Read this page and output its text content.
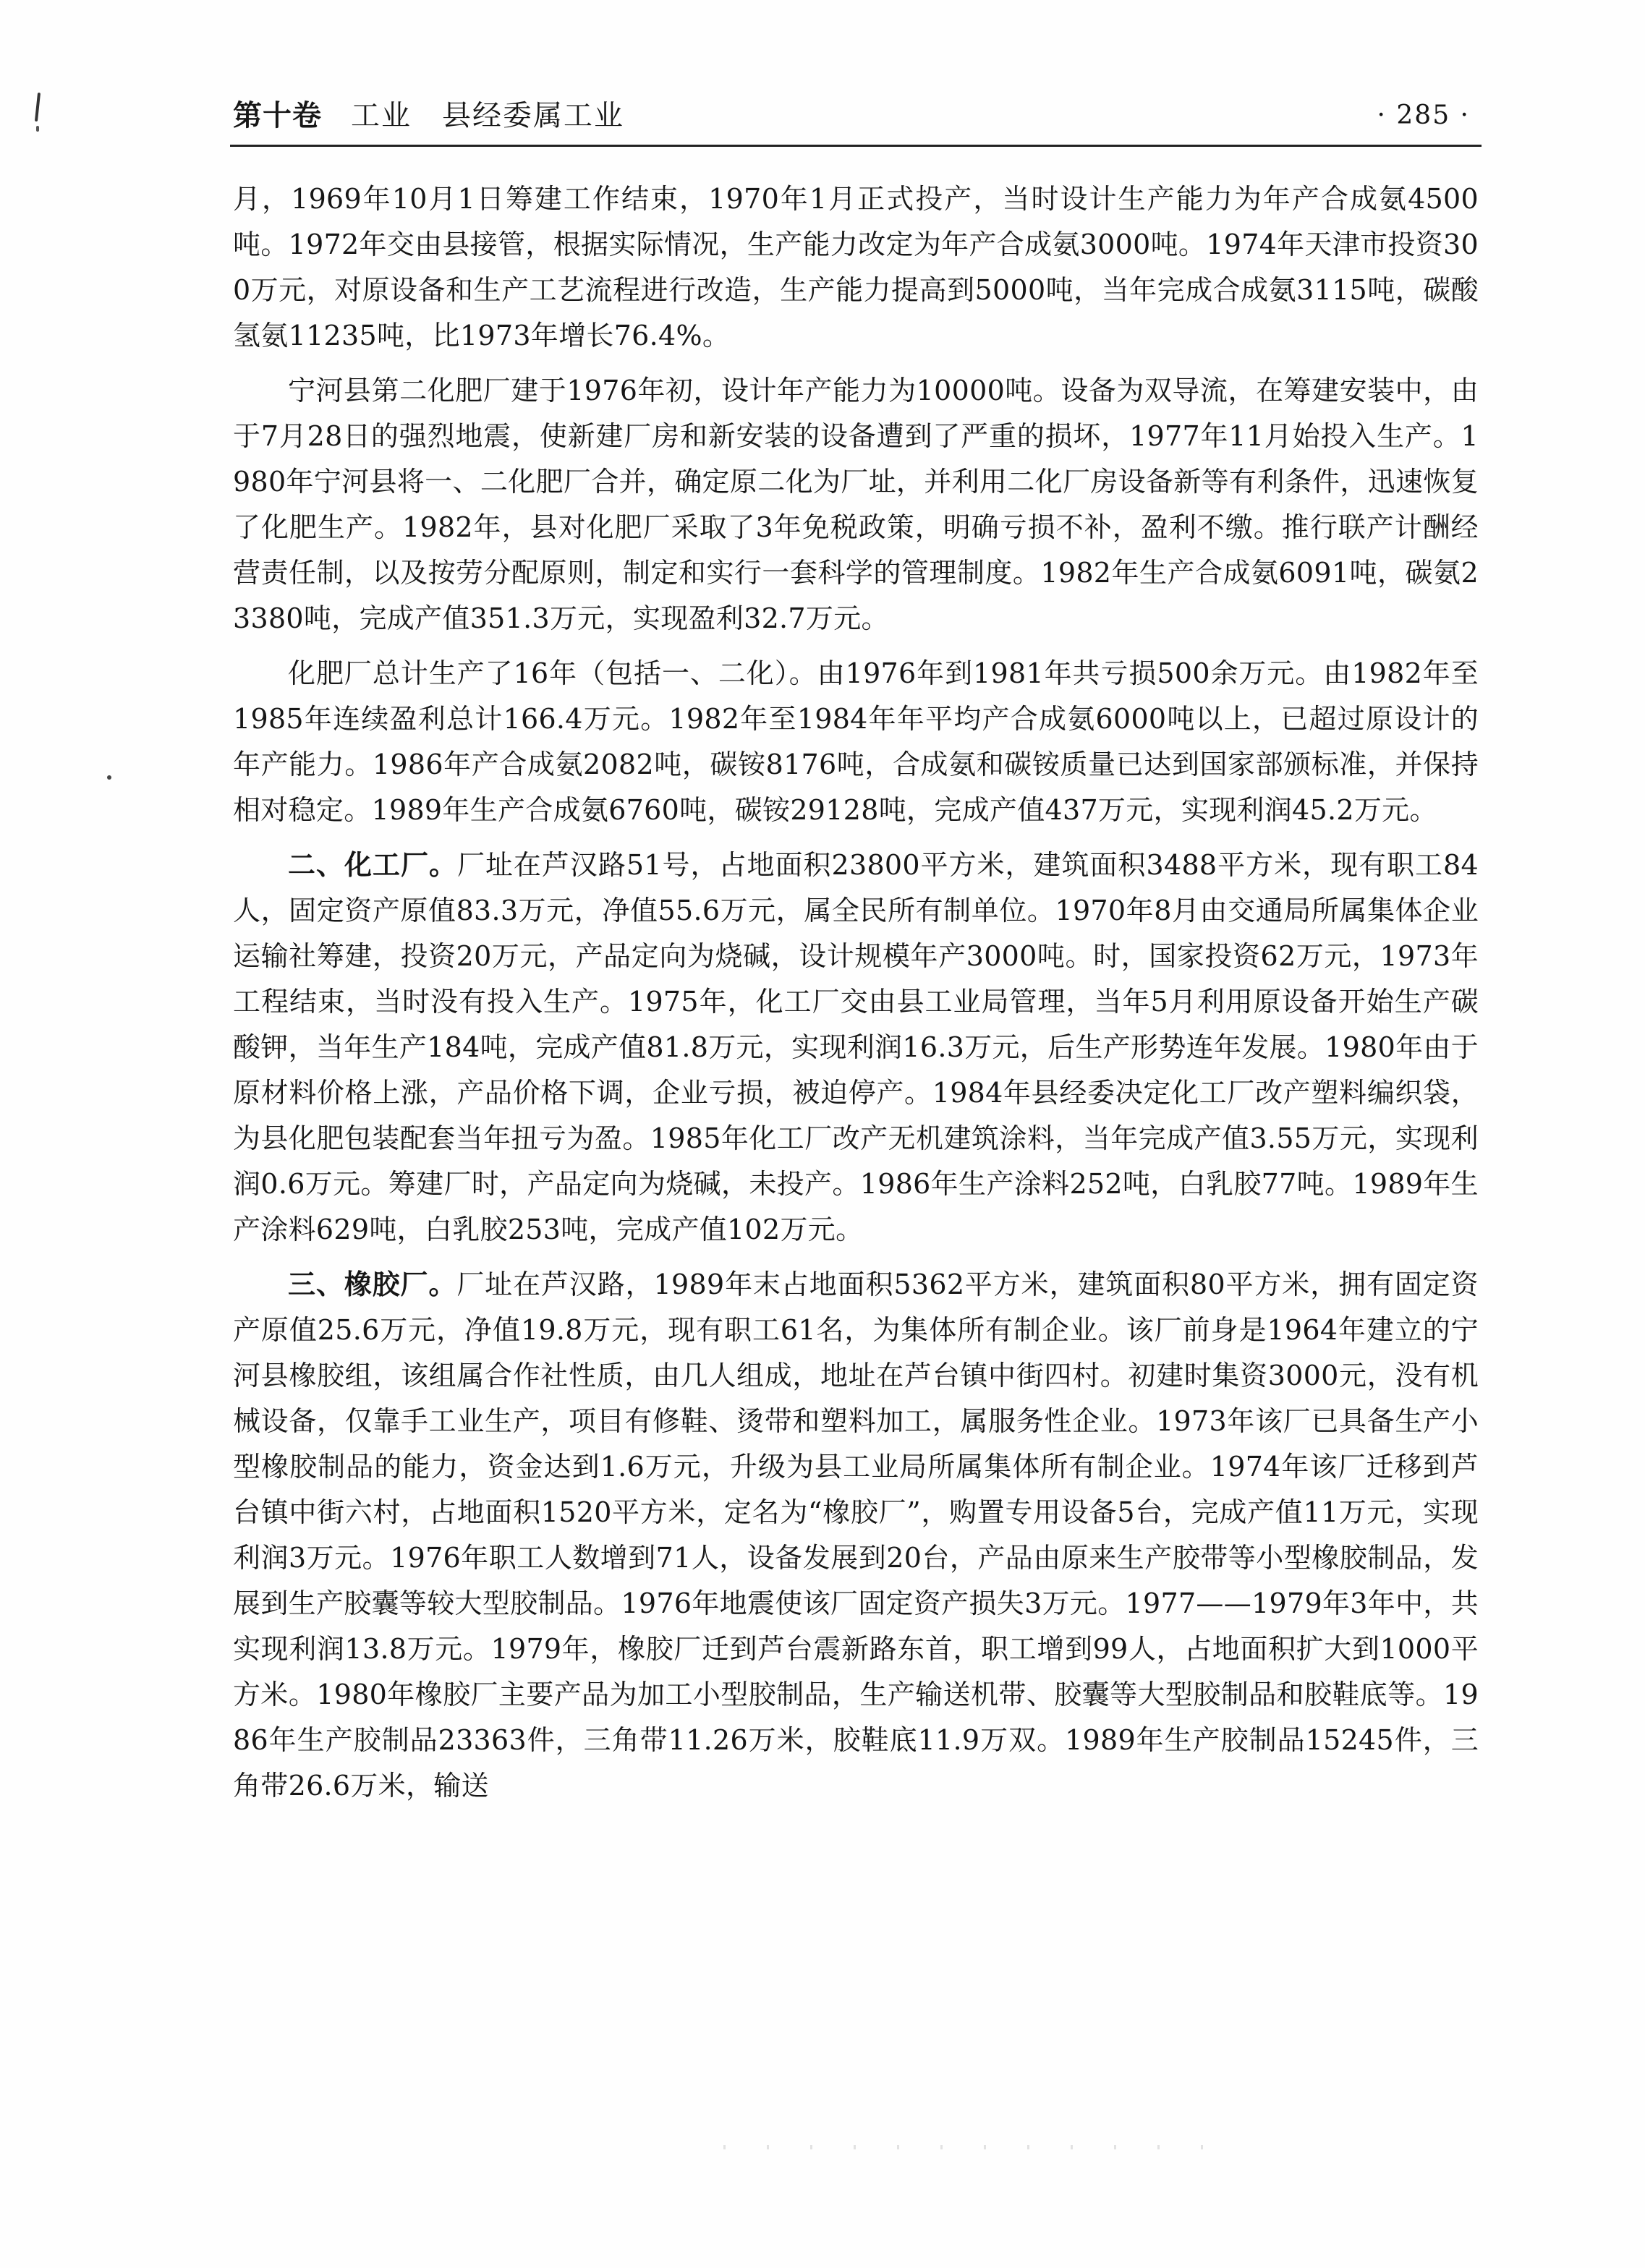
第十卷 工业　县经委属工业	· 285 ·

月，1969年10月1日筹建工作结束，1970年1月正式投产，当时设计生产能力为年产合成氨4500吨。1972年交由县接管，根据实际情况，生产能力改定为年产合成氨3000吨。1974年天津市投资300万元，对原设备和生产工艺流程进行改造，生产能力提高到5000吨，当年完成合成氨3115吨，碳酸氢氨11235吨，比1973年增长76.4%。

宁河县第二化肥厂建于1976年初，设计年产能力为10000吨。设备为双导流，在筹建安装中，由于7月28日的强烈地震，使新建厂房和新安装的设备遭到了严重的损坏，1977年11月始投入生产。1980年宁河县将一、二化肥厂合并，确定原二化为厂址，并利用二化厂房设备新等有利条件，迅速恢复了化肥生产。1982年，县对化肥厂采取了3年免税政策，明确亏损不补，盈利不缴。推行联产计酬经营责任制，以及按劳分配原则，制定和实行一套科学的管理制度。1982年生产合成氨6091吨，碳氨23380吨，完成产值351.3万元，实现盈利32.7万元。

化肥厂总计生产了16年（包括一、二化）。由1976年到1981年共亏损500余万元。由1982年至1985年连续盈利总计166.4万元。1982年至1984年年平均产合成氨6000吨以上，已超过原设计的年产能力。1986年产合成氨2082吨，碳铵8176吨，合成氨和碳铵质量已达到国家部颁标准，并保持相对稳定。1989年生产合成氨6760吨，碳铵29128吨，完成产值437万元，实现利润45.2万元。

二、化工厂。厂址在芦汉路51号，占地面积23800平方米，建筑面积3488平方米，现有职工84人，固定资产原值83.3万元，净值55.6万元，属全民所有制单位。1970年8月由交通局所属集体企业运输社筹建，投资20万元，产品定向为烧碱，设计规模年产3000吨。时，国家投资62万元，1973年工程结束，当时没有投入生产。1975年，化工厂交由县工业局管理，当年5月利用原设备开始生产碳酸钾，当年生产184吨，完成产值81.8万元，实现利润16.3万元，后生产形势连年发展。1980年由于原材料价格上涨，产品价格下调，企业亏损，被迫停产。1984年县经委决定化工厂改产塑料编织袋，为县化肥包装配套当年扭亏为盈。1985年化工厂改产无机建筑涂料，当年完成产值3.55万元，实现利润0.6万元。筹建厂时，产品定向为烧碱，未投产。1986年生产涂料252吨，白乳胶77吨。1989年生产涂料629吨，白乳胶253吨，完成产值102万元。

三、橡胶厂。厂址在芦汉路，1989年末占地面积5362平方米，建筑面积80平方米，拥有固定资产原值25.6万元，净值19.8万元，现有职工61名，为集体所有制企业。该厂前身是1964年建立的宁河县橡胶组，该组属合作社性质，由几人组成，地址在芦台镇中街四村。初建时集资3000元，没有机械设备，仅靠手工业生产，项目有修鞋、烫带和塑料加工，属服务性企业。1973年该厂已具备生产小型橡胶制品的能力，资金达到1.6万元，升级为县工业局所属集体所有制企业。1974年该厂迁移到芦台镇中街六村，占地面积1520平方米，定名为“橡胶厂”，购置专用设备5台，完成产值11万元，实现利润3万元。1976年职工人数增到71人，设备发展到20台，产品由原来生产胶带等小型橡胶制品，发展到生产胶囊等较大型胶制品。1976年地震使该厂固定资产损失3万元。1977——1979年3年中，共实现利润13.8万元。1979年，橡胶厂迁到芦台震新路东首，职工增到99人，占地面积扩大到1000平方米。1980年橡胶厂主要产品为加工小型胶制品，生产输送机带、胶囊等大型胶制品和胶鞋底等。1986年生产胶制品23363件，三角带11.26万米，胶鞋底11.9万双。1989年生产胶制品15245件，三角带26.6万米，输送
